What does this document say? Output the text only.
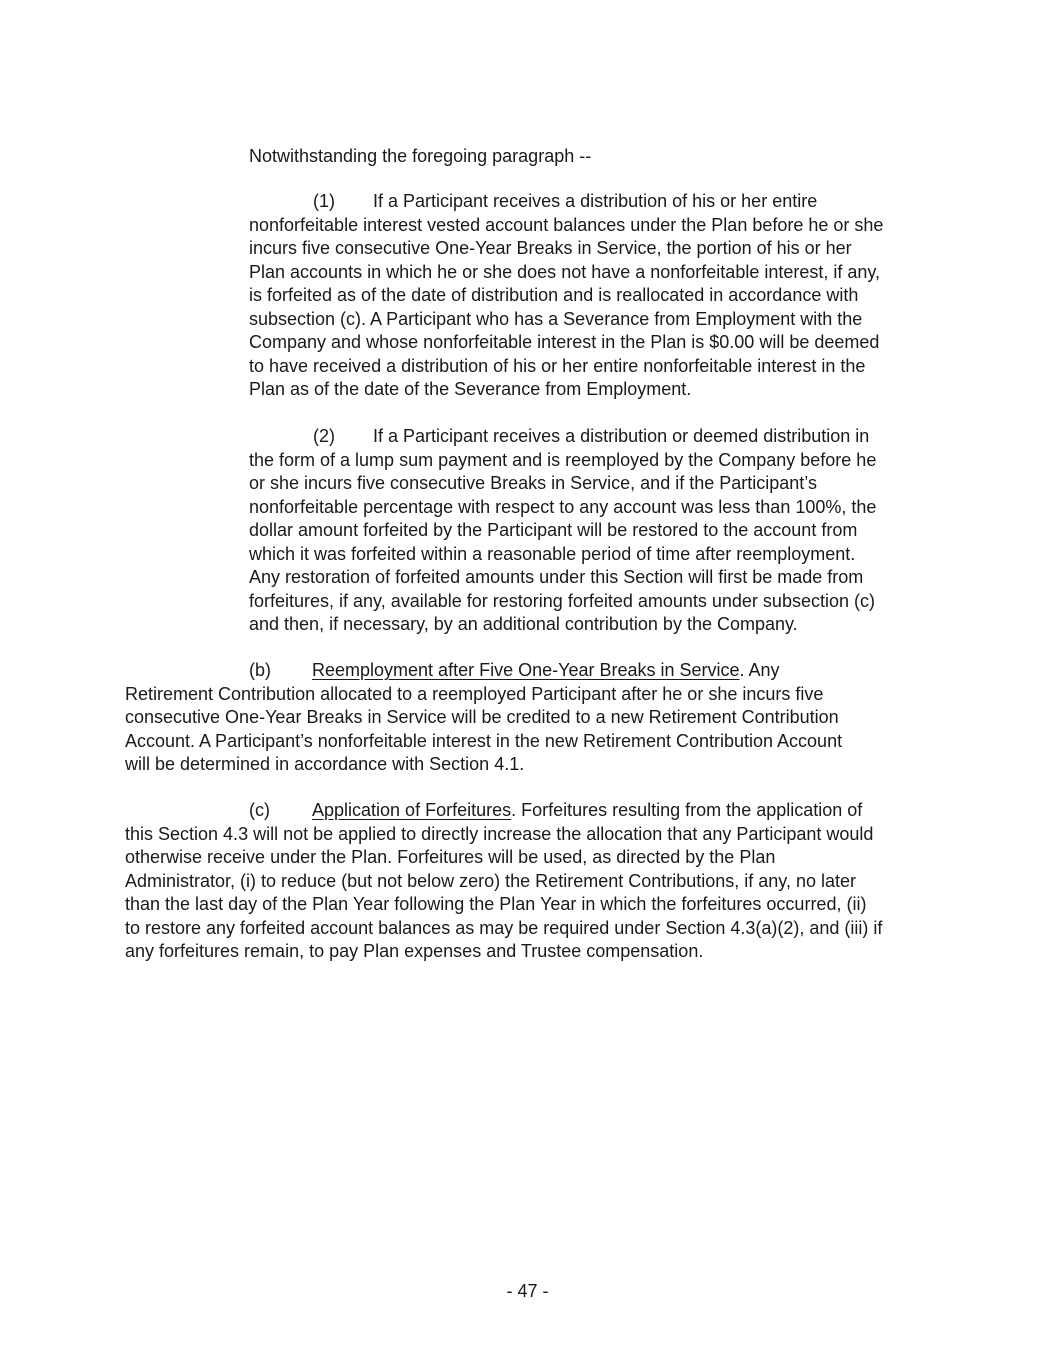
Notwithstanding the foregoing paragraph --

(1) If a Participant receives a distribution of his or her entire
nonforfeitable interest vested account balances under the Plan before he or she
incurs five consecutive One-Year Breaks in Service, the portion of his or her
Plan accounts in which he or she does not have a nonforfeitable interest, if any,
is forfeited as of the date of distribution and is reallocated in accordance with
subsection (c). A Participant who has a Severance from Employment with the
Company and whose nonforfeitable interest in the Plan is $0.00 will be deemed
to have received a distribution of his or her entire nonforfeitable interest in the
Plan as of the date of the Severance from Employment.
(2) If a Participant receives a distribution or deemed distribution in
the form of a lump sum payment and is reemployed by the Company before he
or she incurs five consecutive Breaks in Service, and if the Participant’s
nonforfeitable percentage with respect to any account was less than 100%, the
dollar amount forfeited by the Participant will be restored to the account from
which it was forfeited within a reasonable period of time after reemployment.
Any restoration of forfeited amounts under this Section will first be made from
forfeitures, if any, available for restoring forfeited amounts under subsection (c)
and then, if necessary, by an additional contribution by the Company.
(b) Reemployment after Five One-Year Breaks in Service. Any
Retirement Contribution allocated to a reemployed Participant after he or she incurs five
consecutive One-Year Breaks in Service will be credited to a new Retirement Contribution
Account. A Participant’s nonforfeitable interest in the new Retirement Contribution Account
will be determined in accordance with Section 4.1.
(c) Application of Forfeitures. Forfeitures resulting from the application of
this Section 4.3 will not be applied to directly increase the allocation that any Participant would
otherwise receive under the Plan. Forfeitures will be used, as directed by the Plan
Administrator, (i) to reduce (but not below zero) the Retirement Contributions, if any, no later
than the last day of the Plan Year following the Plan Year in which the forfeitures occurred, (ii)
to restore any forfeited account balances as may be required under Section 4.3(a)(2), and (iii) if
any forfeitures remain, to pay Plan expenses and Trustee compensation.
- 47 -
